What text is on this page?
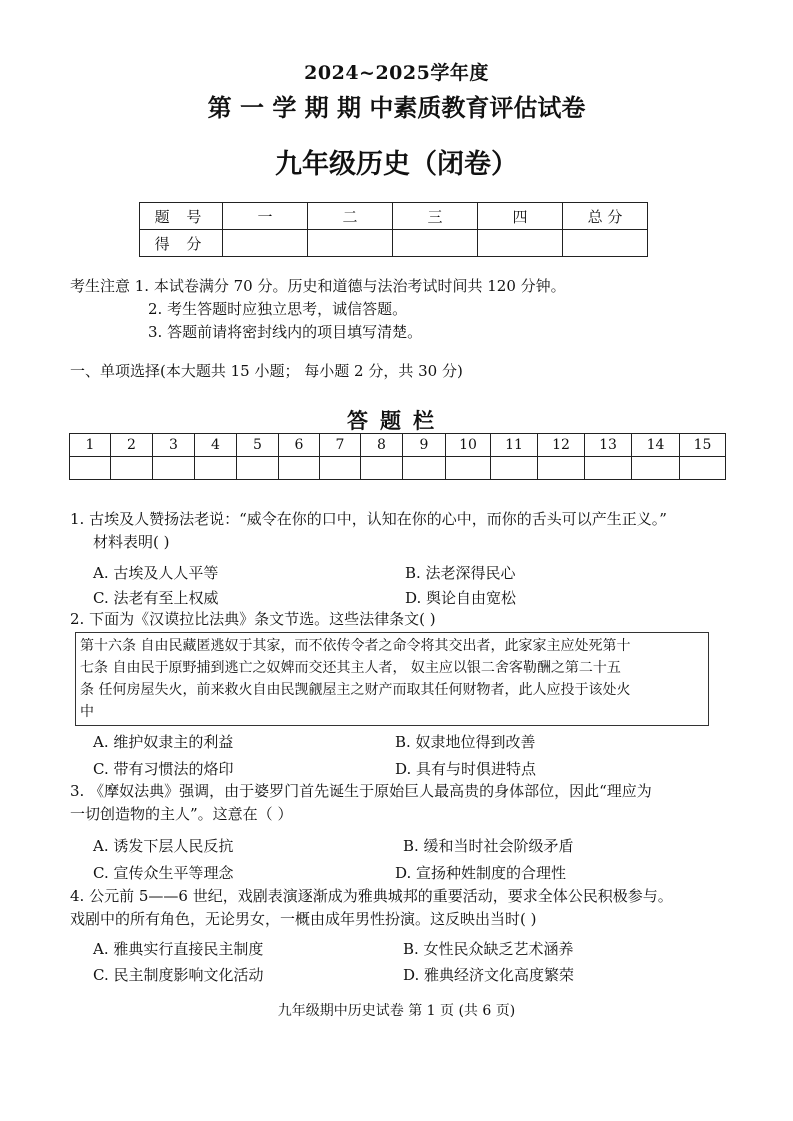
2024~2025学年度
第 一 学 期 期 中素质教育评估试卷
九年级历史（闭卷）
题 号	一	二	三	四	总 分
得 分					
考生注意 1. 本试卷满分 70 分。历史和道德与法治考试时间共 120 分钟。
2. 考生答题时应独立思考，诚信答题。
3. 答题前请将密封线内的项目填写清楚。
一、单项选择(本大题共 15 小题； 每小题 2 分，共 30 分)
答题栏
1	2	3	4	5	6	7	8	9	10	11	12	13	14	15

1. 古埃及人赞扬法老说：“威令在你的口中，认知在你的心中，而你的舌头可以产生正义。”
材料表明( )
A. 古埃及人人平等	B. 法老深得民心
C. 法老有至上权威	D. 舆论自由宽松
2. 下面为《汉谟拉比法典》条文节选。这些法律条文( )
第十六条 自由民藏匿逃奴于其家，而不依传令者之命令将其交出者，此家家主应处死第十
七条 自由民于原野捕到逃亡之奴婢而交还其主人者， 奴主应以银二舍客勒酬之第二十五
条 任何房屋失火，前来救火自由民觊觎屋主之财产而取其任何财物者，此人应投于该处火
中
A. 维护奴隶主的利益	B. 奴隶地位得到改善
C. 带有习惯法的烙印	D. 具有与时俱进特点
3. 《摩奴法典》强调，由于婆罗门首先诞生于原始巨人最高贵的身体部位，因此“理应为
一切创造物的主人”。这意在（ ）
A. 诱发下层人民反抗	B. 缓和当时社会阶级矛盾
C. 宣传众生平等理念	D. 宣扬种姓制度的合理性
4. 公元前 5——6 世纪，戏剧表演逐渐成为雅典城邦的重要活动，要求全体公民积极参与。
戏剧中的所有角色，无论男女，一概由成年男性扮演。这反映出当时( )
A. 雅典实行直接民主制度	B. 女性民众缺乏艺术涵养
C. 民主制度影响文化活动	D. 雅典经济文化高度繁荣
九年级期中历史试卷 第 1 页 (共 6 页)
